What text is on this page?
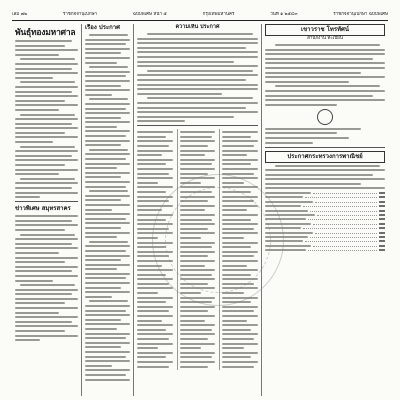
เล่ม ๗๒	ราชกิจจานุเบกษา	ฉบับพิเศษ หน้า ๕	กรุงเทพมหานคร	วันที่ ๑ ๒๕๔๓	ราชกิจจานุเบกษา ฉบับพิเศษ
พันธุ์ทองมหาศาล
ข่าวพิเศษ สมุทรสาคร
เรื่อง ประกาศ	ความเห็น ประกาศ	เขาวราช โทรทัศน์
สำนักงาน ทะเบียน
ประกาศกระทรวงการพาณิชย์
